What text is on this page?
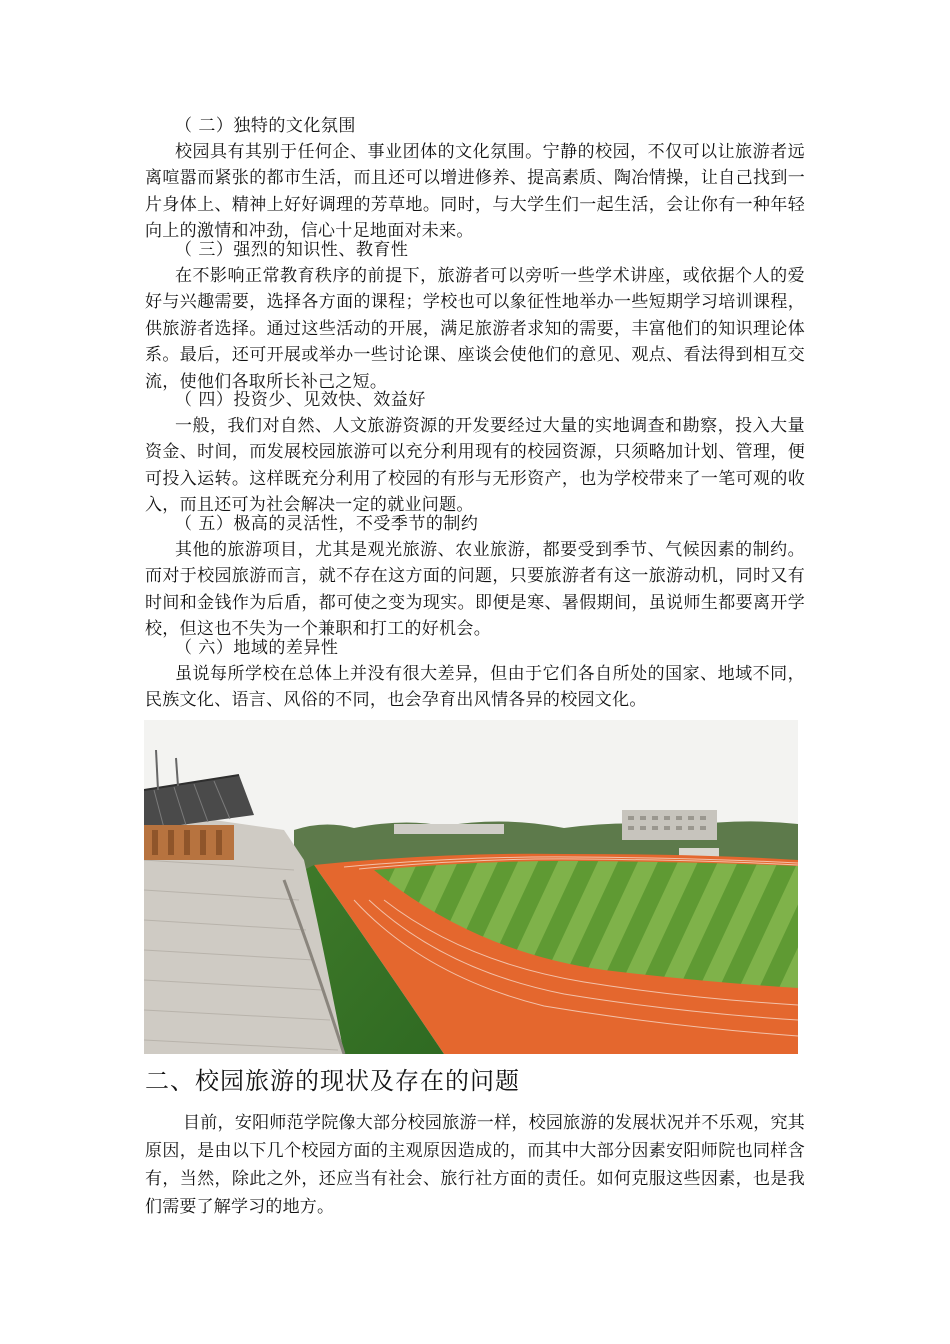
（ 二）独特的文化氛围
校园具有其别于任何企、事业团体的文化氛围。宁静的校园，不仅可以让旅游者远离喧嚣而紧张的都市生活，而且还可以增进修养、提高素质、陶冶情操，让自己找到一片身体上、精神上好好调理的芳草地。同时，与大学生们一起生活，会让你有一种年轻向上的激情和冲劲，信心十足地面对未来。
（ 三）强烈的知识性、教育性
在不影响正常教育秩序的前提下，旅游者可以旁听一些学术讲座，或依据个人的爱好与兴趣需要，选择各方面的课程；学校也可以象征性地举办一些短期学习培训课程，供旅游者选择。通过这些活动的开展，满足旅游者求知的需要，丰富他们的知识理论体系。最后，还可开展或举办一些讨论课、座谈会使他们的意见、观点、看法得到相互交流，使他们各取所长补己之短。
（ 四）投资少、见效快、效益好
一般，我们对自然、人文旅游资源的开发要经过大量的实地调查和勘察，投入大量资金、时间，而发展校园旅游可以充分利用现有的校园资源，只须略加计划、管理，便可投入运转。这样既充分利用了校园的有形与无形资产，也为学校带来了一笔可观的收入，而且还可为社会解决一定的就业问题。
（ 五）极高的灵活性，不受季节的制约
其他的旅游项目，尤其是观光旅游、农业旅游，都要受到季节、气候因素的制约。而对于校园旅游而言，就不存在这方面的问题，只要旅游者有这一旅游动机，同时又有时间和金钱作为后盾，都可使之变为现实。即便是寒、暑假期间，虽说师生都要离开学校，但这也不失为一个兼职和打工的好机会。
（ 六）地域的差异性
虽说每所学校在总体上并没有很大差异，但由于它们各自所处的国家、地域不同，民族文化、语言、风俗的不同，也会孕育出风情各异的校园文化。
二、校园旅游的现状及存在的问题
目前，安阳师范学院像大部分校园旅游一样，校园旅游的发展状况并不乐观，究其原因，是由以下几个校园方面的主观原因造成的，而其中大部分因素安阳师院也同样含有，当然，除此之外，还应当有社会、旅行社方面的责任。如何克服这些因素，也是我们需要了解学习的地方。
